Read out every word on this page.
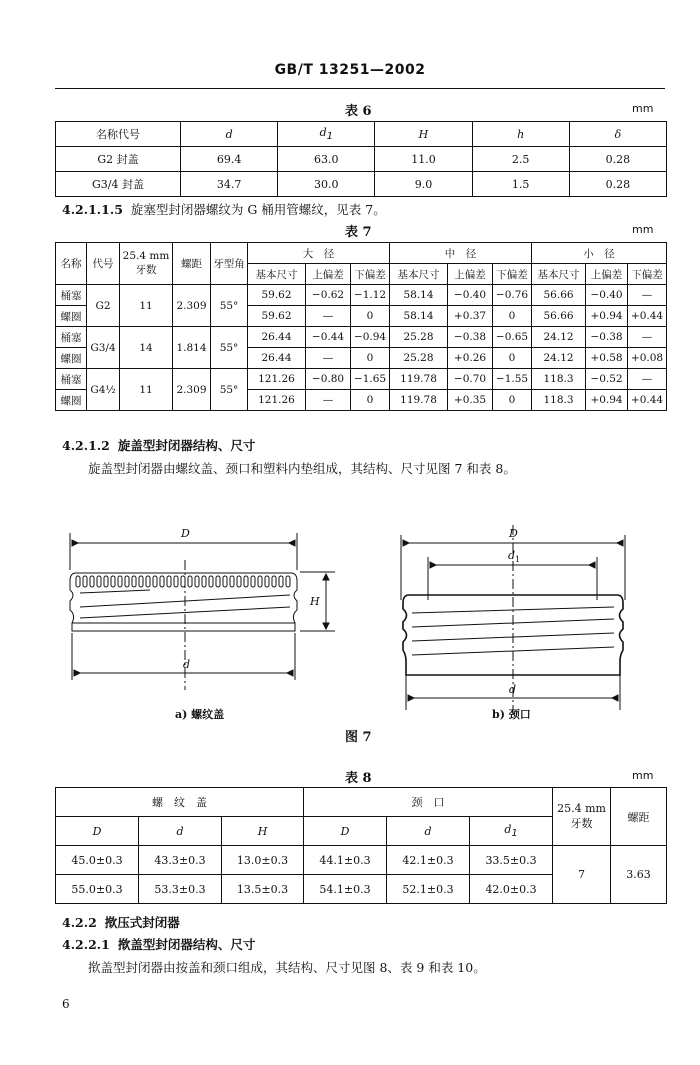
GB/T 13251—2002
表 6	mm
名称代号	d	d1	H	h	δ
G2 封盖	69.4	63.0	11.0	2.5	0.28
G3/4 封盖	34.7	30.0	9.0	1.5	0.28
4.2.1.1.5 旋塞型封闭器螺纹为 G 桶用管螺纹，见表 7。
表 7	mm
名称	代号	25.4 mm 牙数	螺距	牙型角	大　径			中　径			小　径		
					基本尺寸	上偏差	下偏差	基本尺寸	上偏差	下偏差	基本尺寸	上偏差	下偏差
桶塞	G2	11	2.309	55°	59.62	−0.62	−1.12	58.14	−0.40	−0.76	56.66	−0.40	—
螺圈					59.62	—	0	58.14	+0.37	0	56.66	+0.94	+0.44
桶塞	G3/4	14	1.814	55°	26.44	−0.44	−0.94	25.28	−0.38	−0.65	24.12	−0.38	—
螺圈					26.44	—	0	25.28	+0.26	0	24.12	+0.58	+0.08
桶塞	G4½	11	2.309	55°	121.26	−0.80	−1.65	119.78	−0.70	−1.55	118.3	−0.52	—
螺圈					121.26	—	0	119.78	+0.35	0	118.3	+0.94	+0.44
4.2.1.2 旋盖型封闭器结构、尺寸
旋盖型封闭器由螺纹盖、颈口和塑料内垫组成，其结构、尺寸见图 7 和表 8。
D
d
H
D
$d_1$
d
a) 螺纹盖	b) 颈口
图 7
表 8	mm
螺　纹　盖			颈　口			25.4 mm 牙数	螺距
D	d	H	D	d	d1		
45.0±0.3	43.3±0.3	13.0±0.3	44.1±0.3	42.1±0.3	33.5±0.3	7	3.63
55.0±0.3	53.3±0.3	13.5±0.3	54.1±0.3	52.1±0.3	42.0±0.3		
4.2.2 揿压式封闭器
4.2.2.1 揿盖型封闭器结构、尺寸
揿盖型封闭器由按盖和颈口组成，其结构、尺寸见图 8、表 9 和表 10。
6
